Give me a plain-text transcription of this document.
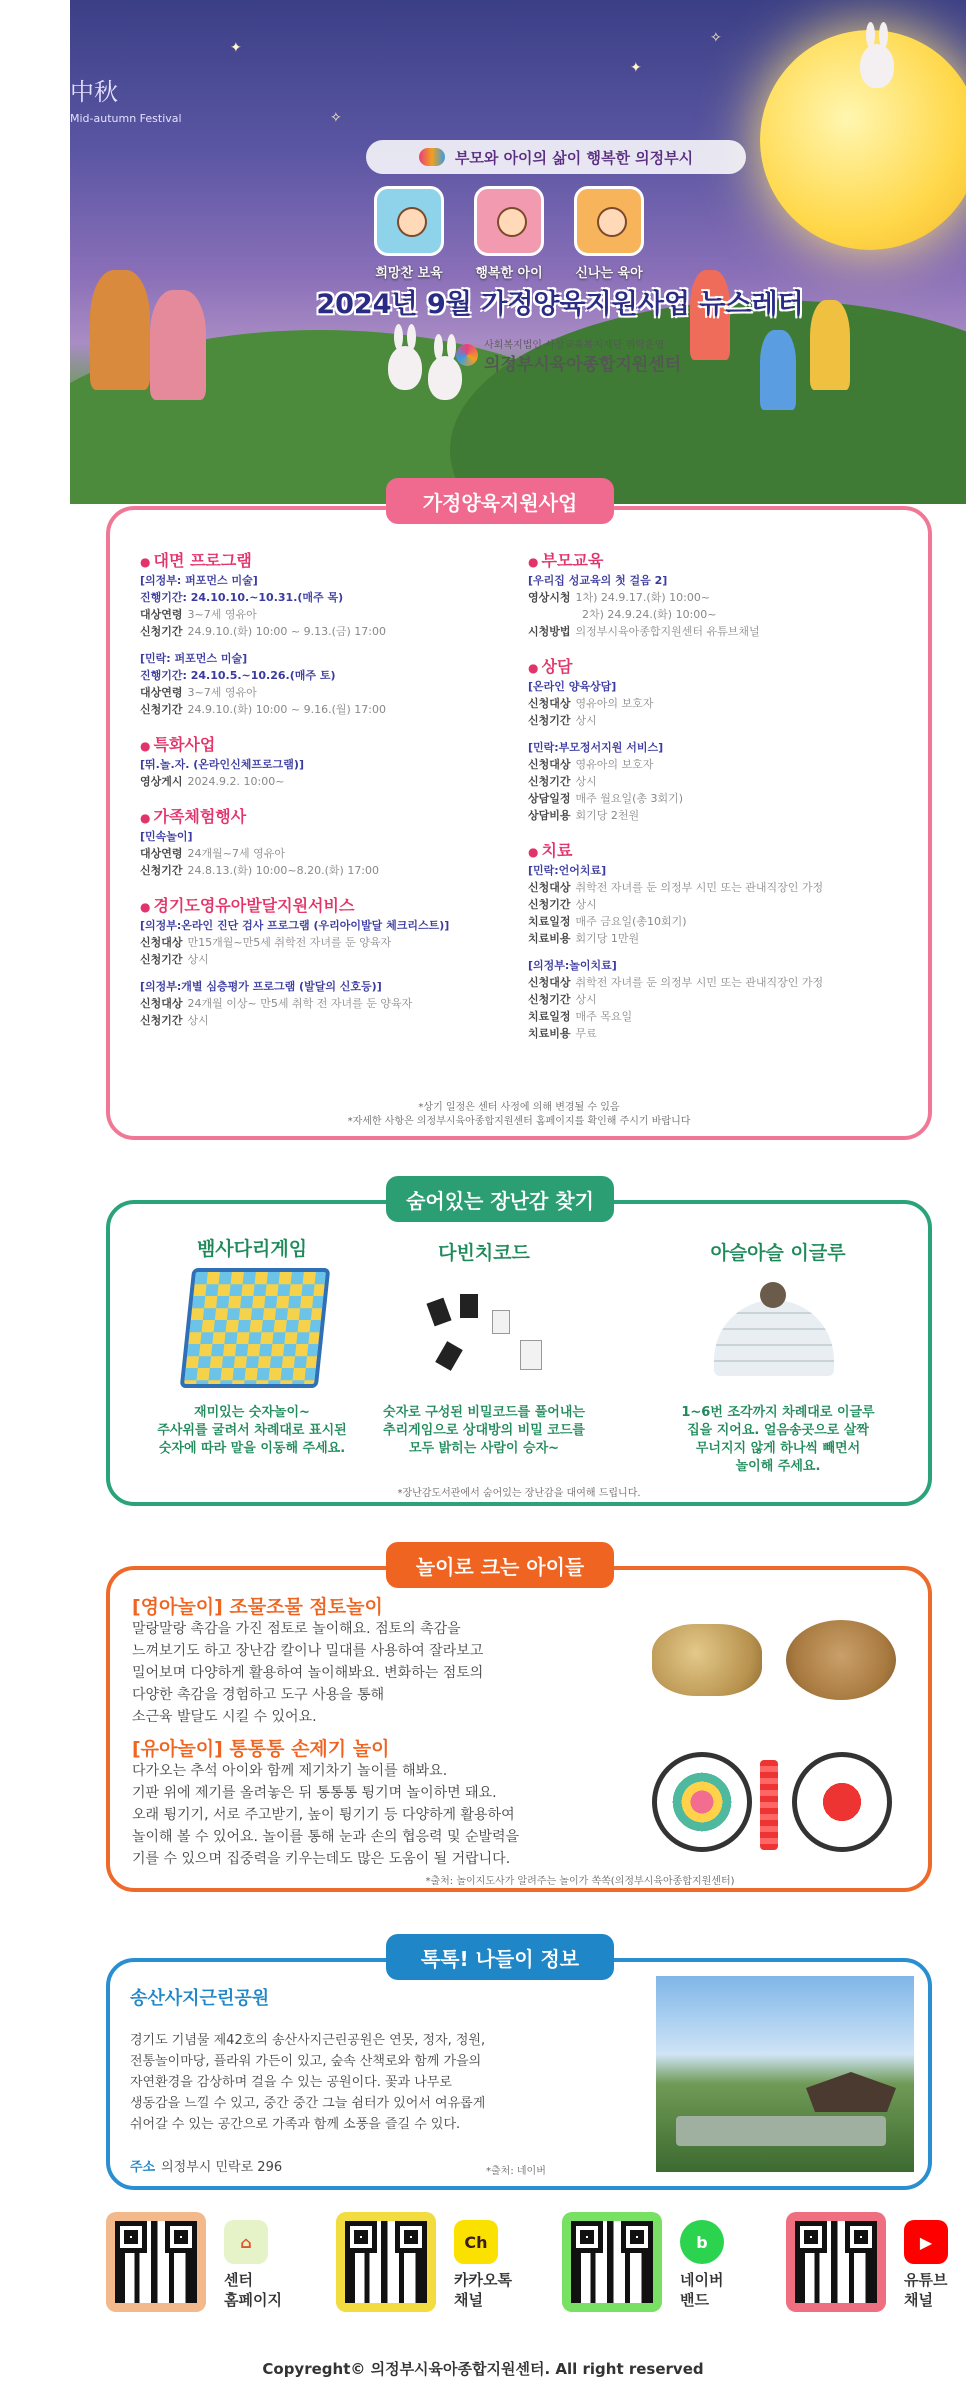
✦
✦
✧
✧
中秋
Mid-autumn Festival
부모와 아이의 삶이 행복한 의정부시
희망찬 보육	행복한 아이	신나는 육아
2024년 9월 가정양육지원사업 뉴스레터
사회복지법인 사상교육복지재단 위탁운영
의정부시육아종합지원센터
가정양육지원사업
● 대면 프로그램
[의정부: 퍼포먼스 미술]
진행기간: 24.10.10.~10.31.(매주 목)
대상연령 3~7세 영유아
신청기간 24.9.10.(화) 10:00 ~ 9.13.(금) 17:00
[민락: 퍼포먼스 미술]
진행기간: 24.10.5.~10.26.(매주 토)
대상연령 3~7세 영유아
신청기간 24.9.10.(화) 10:00 ~ 9.16.(월) 17:00
● 특화사업
[뛰.놀.자. (온라인신체프로그램)]
영상게시 2024.9.2. 10:00~
● 가족체험행사
[민속놀이]
대상연령 24개월~7세 영유아
신청기간 24.8.13.(화) 10:00~8.20.(화) 17:00
● 경기도영유아발달지원서비스
[의정부:온라인 진단 검사 프로그램 (우리아이발달 체크리스트)]
신청대상 만15개월~만5세 취학전 자녀를 둔 양육자
신청기간 상시
[의정부:개별 심층평가 프로그램 (발달의 신호등)]
신청대상 24개월 이상~ 만5세 취학 전 자녀를 둔 양육자
신청기간 상시
● 부모교육
[우리집 성교육의 첫 걸음 2]
영상시청 1차) 24.9.17.(화) 10:00~
2차) 24.9.24.(화) 10:00~
시청방법 의정부시육아종합지원센터 유튜브채널
● 상담
[온라인 양육상담]
신청대상 영유아의 보호자
신청기간 상시
[민락:부모정서지원 서비스]
신청대상 영유아의 보호자
신청기간 상시
상담일정 매주 월요일(총 3회기)
상담비용 회기당 2천원
● 치료
[민락:언어치료]
신청대상 취학전 자녀를 둔 의정부 시민 또는 관내직장인 가정
신청기간 상시
치료일정 매주 금요일(총10회기)
치료비용 회기당 1만원
[의정부:놀이치료]
신청대상 취학전 자녀를 둔 의정부 시민 또는 관내직장인 가정
신청기간 상시
치료일정 매주 목요일
치료비용 무료
*상기 일정은 센터 사정에 의해 변경될 수 있음
*자세한 사항은 의정부시육아종합지원센터 홈페이지를 확인해 주시기 바랍니다
숨어있는 장난감 찾기
뱀사다리게임
재미있는 숫자놀이~
주사위를 굴려서 차례대로 표시된
숫자에 따라 말을 이동해 주세요.
다빈치코드
숫자로 구성된 비밀코드를 풀어내는
추리게임으로 상대방의 비밀 코드를
모두 밝히는 사람이 승자~
아슬아슬 이글루
1~6번 조각까지 차례대로 이글루
집을 지어요. 얼음송곳으로 살짝
무너지지 않게 하나씩 빼면서
놀이해 주세요.
*장난감도서관에서 숨어있는 장난감을 대여해 드립니다.
놀이로 크는 아이들
[영아놀이] 조물조물 점토놀이
말랑말랑 촉감을 가진 점토로 놀이해요. 점토의 촉감을
느껴보기도 하고 장난감 칼이나 밀대를 사용하여 잘라보고
밀어보며 다양하게 활용하여 놀이해봐요. 변화하는 점토의
다양한 촉감을 경험하고 도구 사용을 통해
소근육 발달도 시킬 수 있어요.
[유아놀이] 통통통 손제기 놀이
다가오는 추석 아이와 함께 제기차기 놀이를 해봐요.
기판 위에 제기를 올려놓은 뒤 통통통 튕기며 놀이하면 돼요.
오래 튕기기, 서로 주고받기, 높이 튕기기 등 다양하게 활용하여
놀이해 볼 수 있어요. 놀이를 통해 눈과 손의 협응력 및 순발력을
기를 수 있으며 집중력을 키우는데도 많은 도움이 될 거랍니다.
*출처: 놀이지도사가 알려주는 놀이가 쏙쏙(의정부시육아종합지원센터)
톡톡! 나들이 정보
송산사지근린공원
경기도 기념물 제42호의 송산사지근린공원은 연못, 정자, 정원,
전통놀이마당, 플라워 가든이 있고, 숲속 산책로와 함께 가을의
자연환경을 감상하며 걸을 수 있는 공원이다. 꽃과 나무로
생동감을 느낄 수 있고, 중간 중간 그늘 쉼터가 있어서 여유롭게
쉬어갈 수 있는 공간으로 가족과 함께 소풍을 즐길 수 있다.
주소 의정부시 민락로 296	*출처: 네이버
⌂
센터
홈페이지
Ch
카카오톡
채널
b
네이버
밴드
▶
유튜브
채널
Copyreght© 의정부시육아종합지원센터. All right reserved
